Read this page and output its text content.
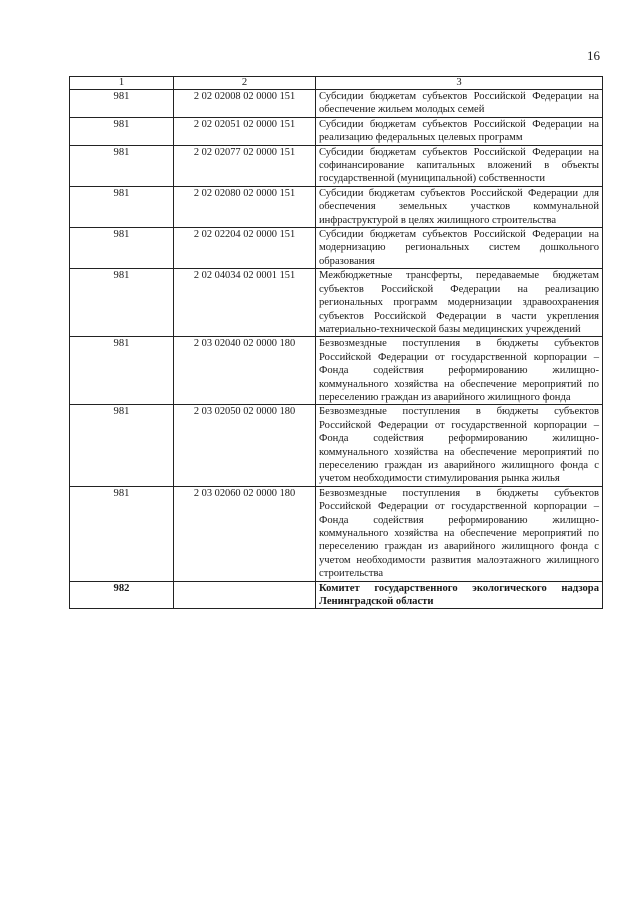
16
1	2	3
981	2 02 02008 02 0000 151	Субсидии бюджетам субъектов Российской Федерации на обеспечение жильем молодых семей
981	2 02 02051 02 0000 151	Субсидии бюджетам субъектов Российской Федерации на реализацию федеральных целевых программ
981	2 02 02077 02 0000 151	Субсидии бюджетам субъектов Российской Федерации на софинансирование капитальных вложений в объекты государственной (муниципальной) собственности
981	2 02 02080 02 0000 151	Субсидии бюджетам субъектов Российской Федерации для обеспечения земельных участков коммунальной инфраструктурой в целях жилищного строительства
981	2 02 02204 02 0000 151	Субсидии бюджетам субъектов Российской Федерации на модернизацию региональных систем дошкольного образования
981	2 02 04034 02 0001 151	Межбюджетные трансферты, передаваемые бюджетам субъектов Российской Федерации на реализацию региональных программ модернизации здравоохранения субъектов Российской Федерации в части укрепления материально-технической базы медицинских учреждений
981	2 03 02040 02 0000 180	Безвозмездные поступления в бюджеты субъектов Российской Федерации от государственной корпорации – Фонда содействия реформированию жилищно-коммунального хозяйства на обеспечение мероприятий по переселению граждан из аварийного жилищного фонда
981	2 03 02050 02 0000 180	Безвозмездные поступления в бюджеты субъектов Российской Федерации от государственной корпорации – Фонда содействия реформированию жилищно-коммунального хозяйства на обеспечение мероприятий по переселению граждан из аварийного жилищного фонда с учетом необходимости стимулирования рынка жилья
981	2 03 02060 02 0000 180	Безвозмездные поступления в бюджеты субъектов Российской Федерации от государственной корпорации – Фонда содействия реформированию жилищно-коммунального хозяйства на обеспечение мероприятий по переселению граждан из аварийного жилищного фонда с учетом необходимости развития малоэтажного жилищного строительства
982		Комитет государственного экологического надзора Ленинградской области
